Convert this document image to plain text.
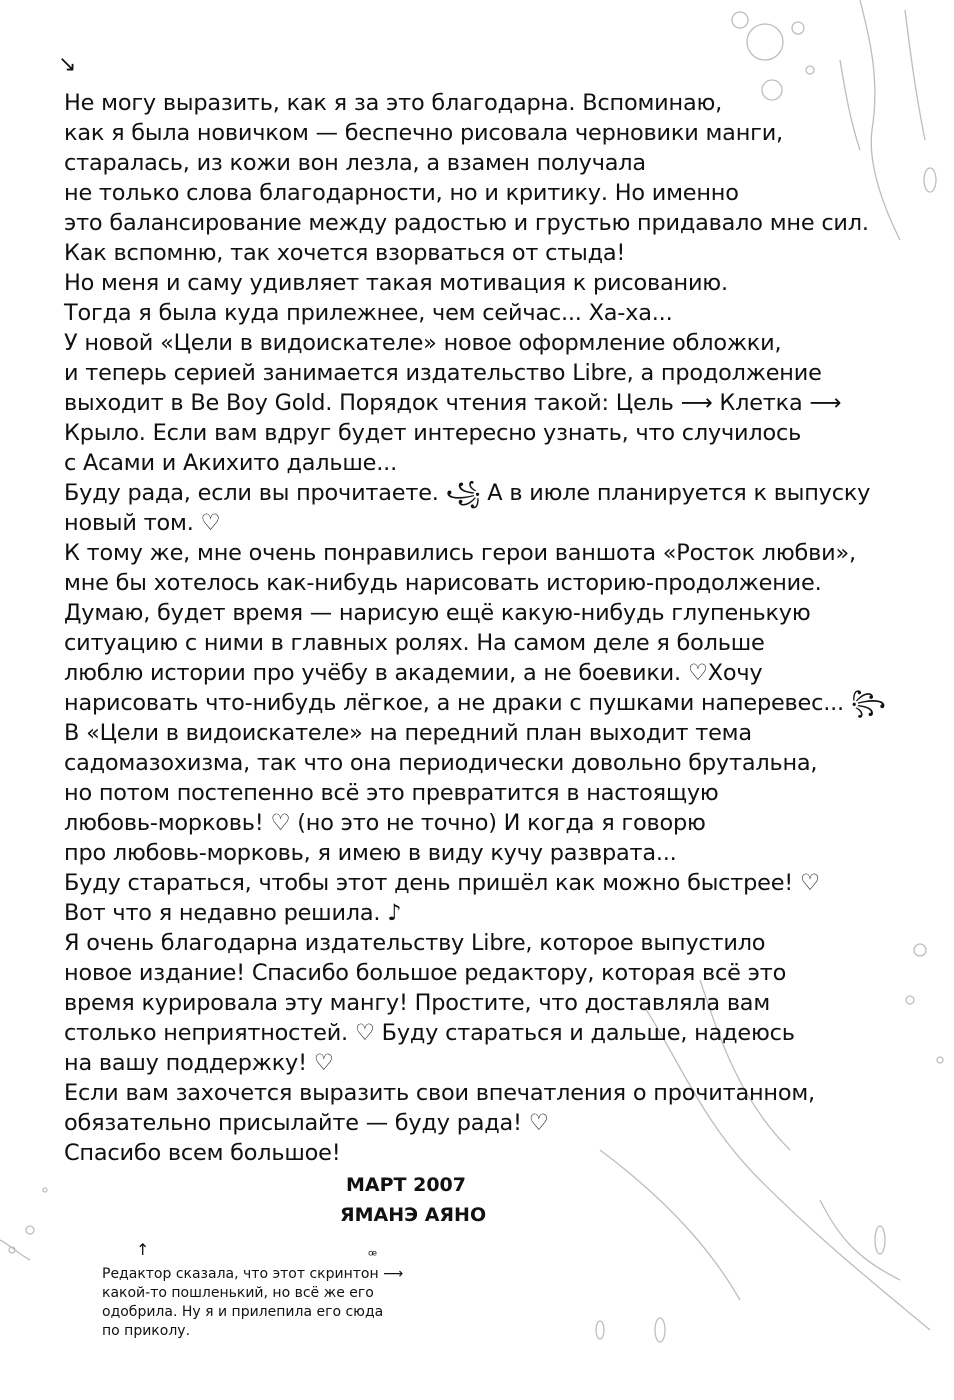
↘
Не могу выразить, как я за это благодарна. Вспоминаю,
как я была новичком — беспечно рисовала черновики манги,
старалась, из кожи вон лезла, а взамен получала
не только слова благодарности, но и критику. Но именно
это балансирование между радостью и грустью придавало мне сил.
Как вспомню, так хочется взорваться от стыда!
Но меня и саму удивляет такая мотивация к рисованию.
Тогда я была куда прилежнее, чем сейчас... Ха-ха...
У новой «Цели в видоискателе» новое оформление обложки,
и теперь серией занимается издательство Libre, а продолжение
выходит в Be Boy Gold. Порядок чтения такой: Цель ⟶ Клетка ⟶
Крыло. Если вам вдруг будет интересно узнать, что случилось
с Асами и Акихито дальше...
Буду рада, если вы прочитаете. ꧁ А в июле планируется к выпуску
новый том. ♡
К тому же, мне очень понравились герои ваншота «Росток любви»,
мне бы хотелось как-нибудь нарисовать историю-продолжение.
Думаю, будет время — нарисую ещё какую-нибудь глупенькую
ситуацию с ними в главных ролях. На самом деле я больше
люблю истории про учёбу в академии, а не боевики. ♡Хочу
нарисовать что-нибудь лёгкое, а не драки с пушками наперевес... ꧂
В «Цели в видоискателе» на передний план выходит тема
садомазохизма, так что она периодически довольно брутальна,
но потом постепенно всё это превратится в настоящую
любовь-морковь! ♡ (но это не точно) И когда я говорю
про любовь-морковь, я имею в виду кучу разврата...
Буду стараться, чтобы этот день пришёл как можно быстрее! ♡
Вот что я недавно решила. ♪
Я очень благодарна издательству Libre, которое выпустило
новое издание! Спасибо большое редактору, которая всё это
время курировала эту мангу! Простите, что доставляла вам
столько неприятностей. ♡ Буду стараться и дальше, надеюсь
на вашу поддержку! ♡
Если вам захочется выразить свои впечатления о прочитанном,
обязательно присылайте — буду рада! ♡
Спасибо всем большое!
МАРТ 2007
ЯМАНЭ АЯНО
↑	ꟹ
Редактор сказала, что этот скринтон ⟶
какой-то пошленький, но всё же его
одобрила. Ну я и прилепила его сюда
по приколу.
